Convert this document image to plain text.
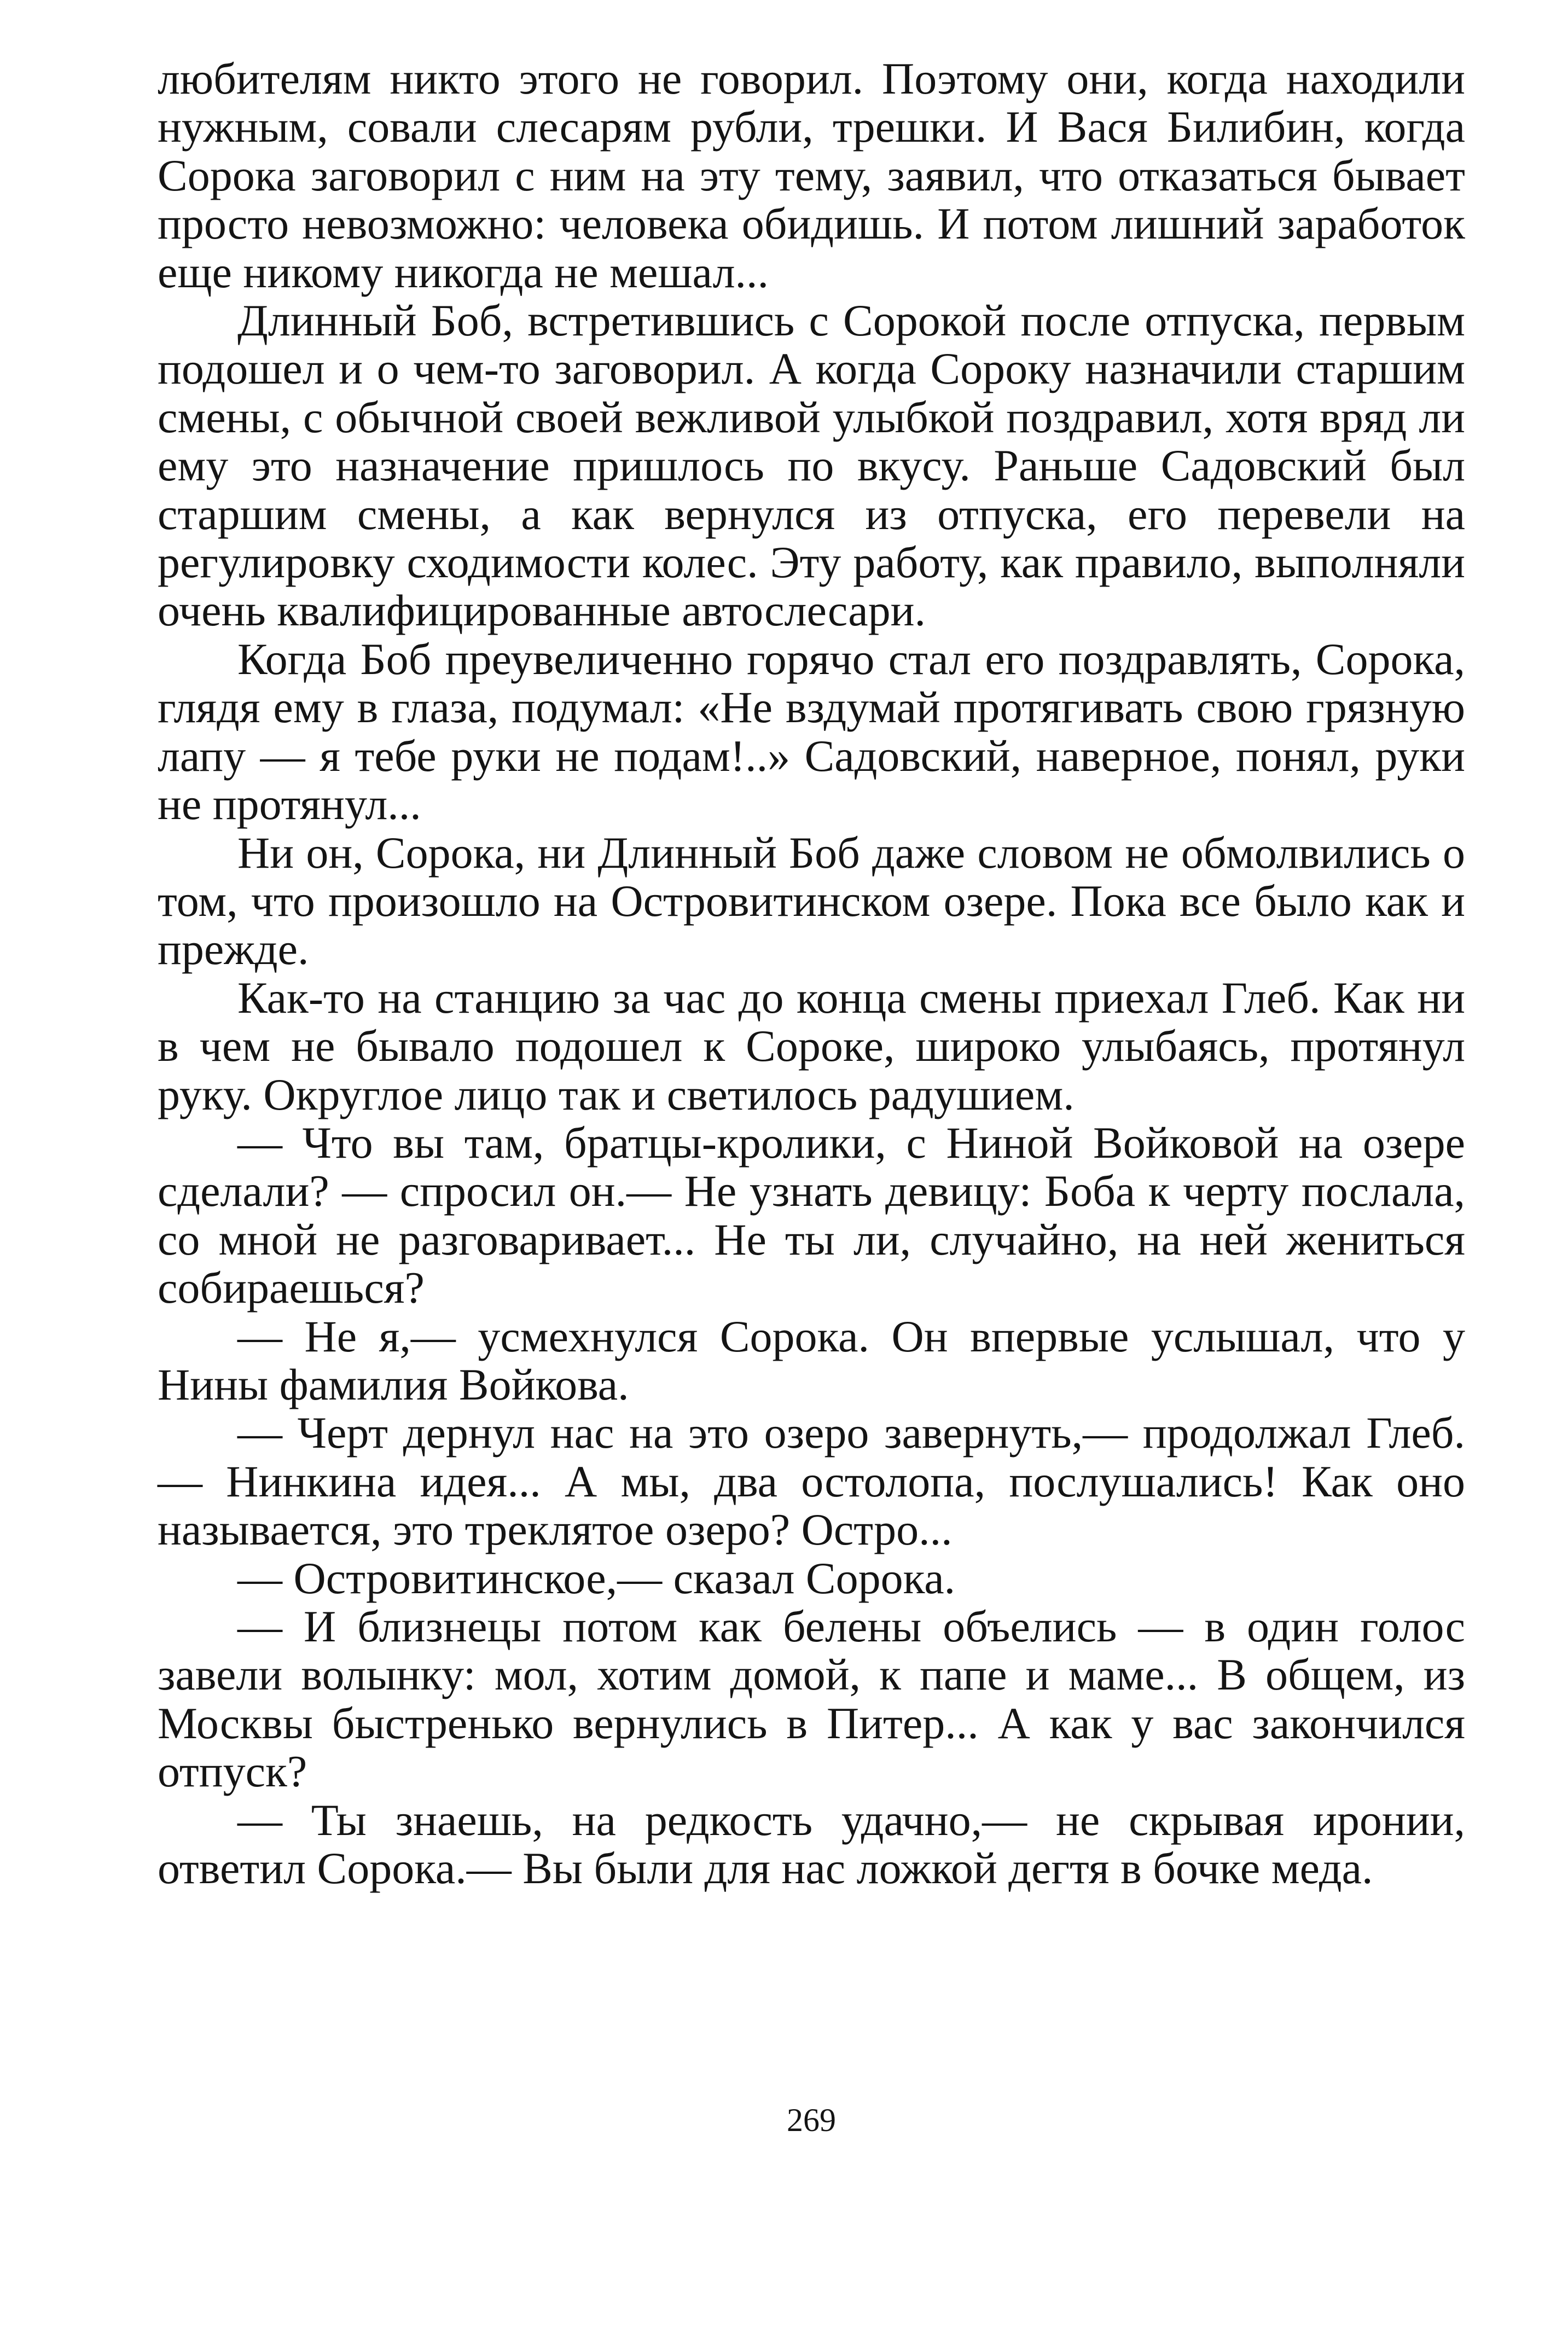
любителям никто этого не говорил. Поэтому они, когда находили нужным, совали слесарям рубли, трешки. И Вася Билибин, когда Сорока заговорил с ним на эту тему, заявил, что отказаться бывает просто невозможно: человека обидишь. И потом лишний заработок еще никому никогда не мешал...

Длинный Боб, встретившись с Сорокой после отпуска, первым подошел и о чем-то заговорил. А когда Сороку назначили старшим смены, с обычной своей вежливой улыбкой поздравил, хотя вряд ли ему это назначение пришлось по вкусу. Раньше Садовский был старшим смены, а как вернулся из отпуска, его перевели на регулировку сходимости колес. Эту работу, как правило, выполняли очень квалифицированные автослесари.

Когда Боб преувеличенно горячо стал его поздравлять, Сорока, глядя ему в глаза, подумал: «Не вздумай протягивать свою грязную лапу — я тебе руки не подам!..» Садовский, наверное, понял, руки не протянул...

Ни он, Сорока, ни Длинный Боб даже словом не обмолвились о том, что произошло на Островитинском озере. Пока все было как и прежде.

Как-то на станцию за час до конца смены приехал Глеб. Как ни в чем не бывало подошел к Сороке, широко улыбаясь, протянул руку. Округлое лицо так и светилось радушием.

— Что вы там, братцы-кролики, с Ниной Войковой на озере сделали? — спросил он.— Не узнать девицу: Боба к черту послала, со мной не разговаривает... Не ты ли, случайно, на ней жениться собираешься?

— Не я,— усмехнулся Сорока. Он впервые услышал, что у Нины фамилия Войкова.

— Черт дернул нас на это озеро завернуть,— продолжал Глеб.— Нинкина идея... А мы, два остолопа, послушались! Как оно называется, это треклятое озеро? Остро...

— Островитинское,— сказал Сорока.

— И близнецы потом как белены объелись — в один голос завели волынку: мол, хотим домой, к папе и маме... В общем, из Москвы быстренько вернулись в Питер... А как у вас закончился отпуск?

— Ты знаешь, на редкость удачно,— не скрывая иронии, ответил Сорока.— Вы были для нас ложкой дегтя в бочке меда.

269
